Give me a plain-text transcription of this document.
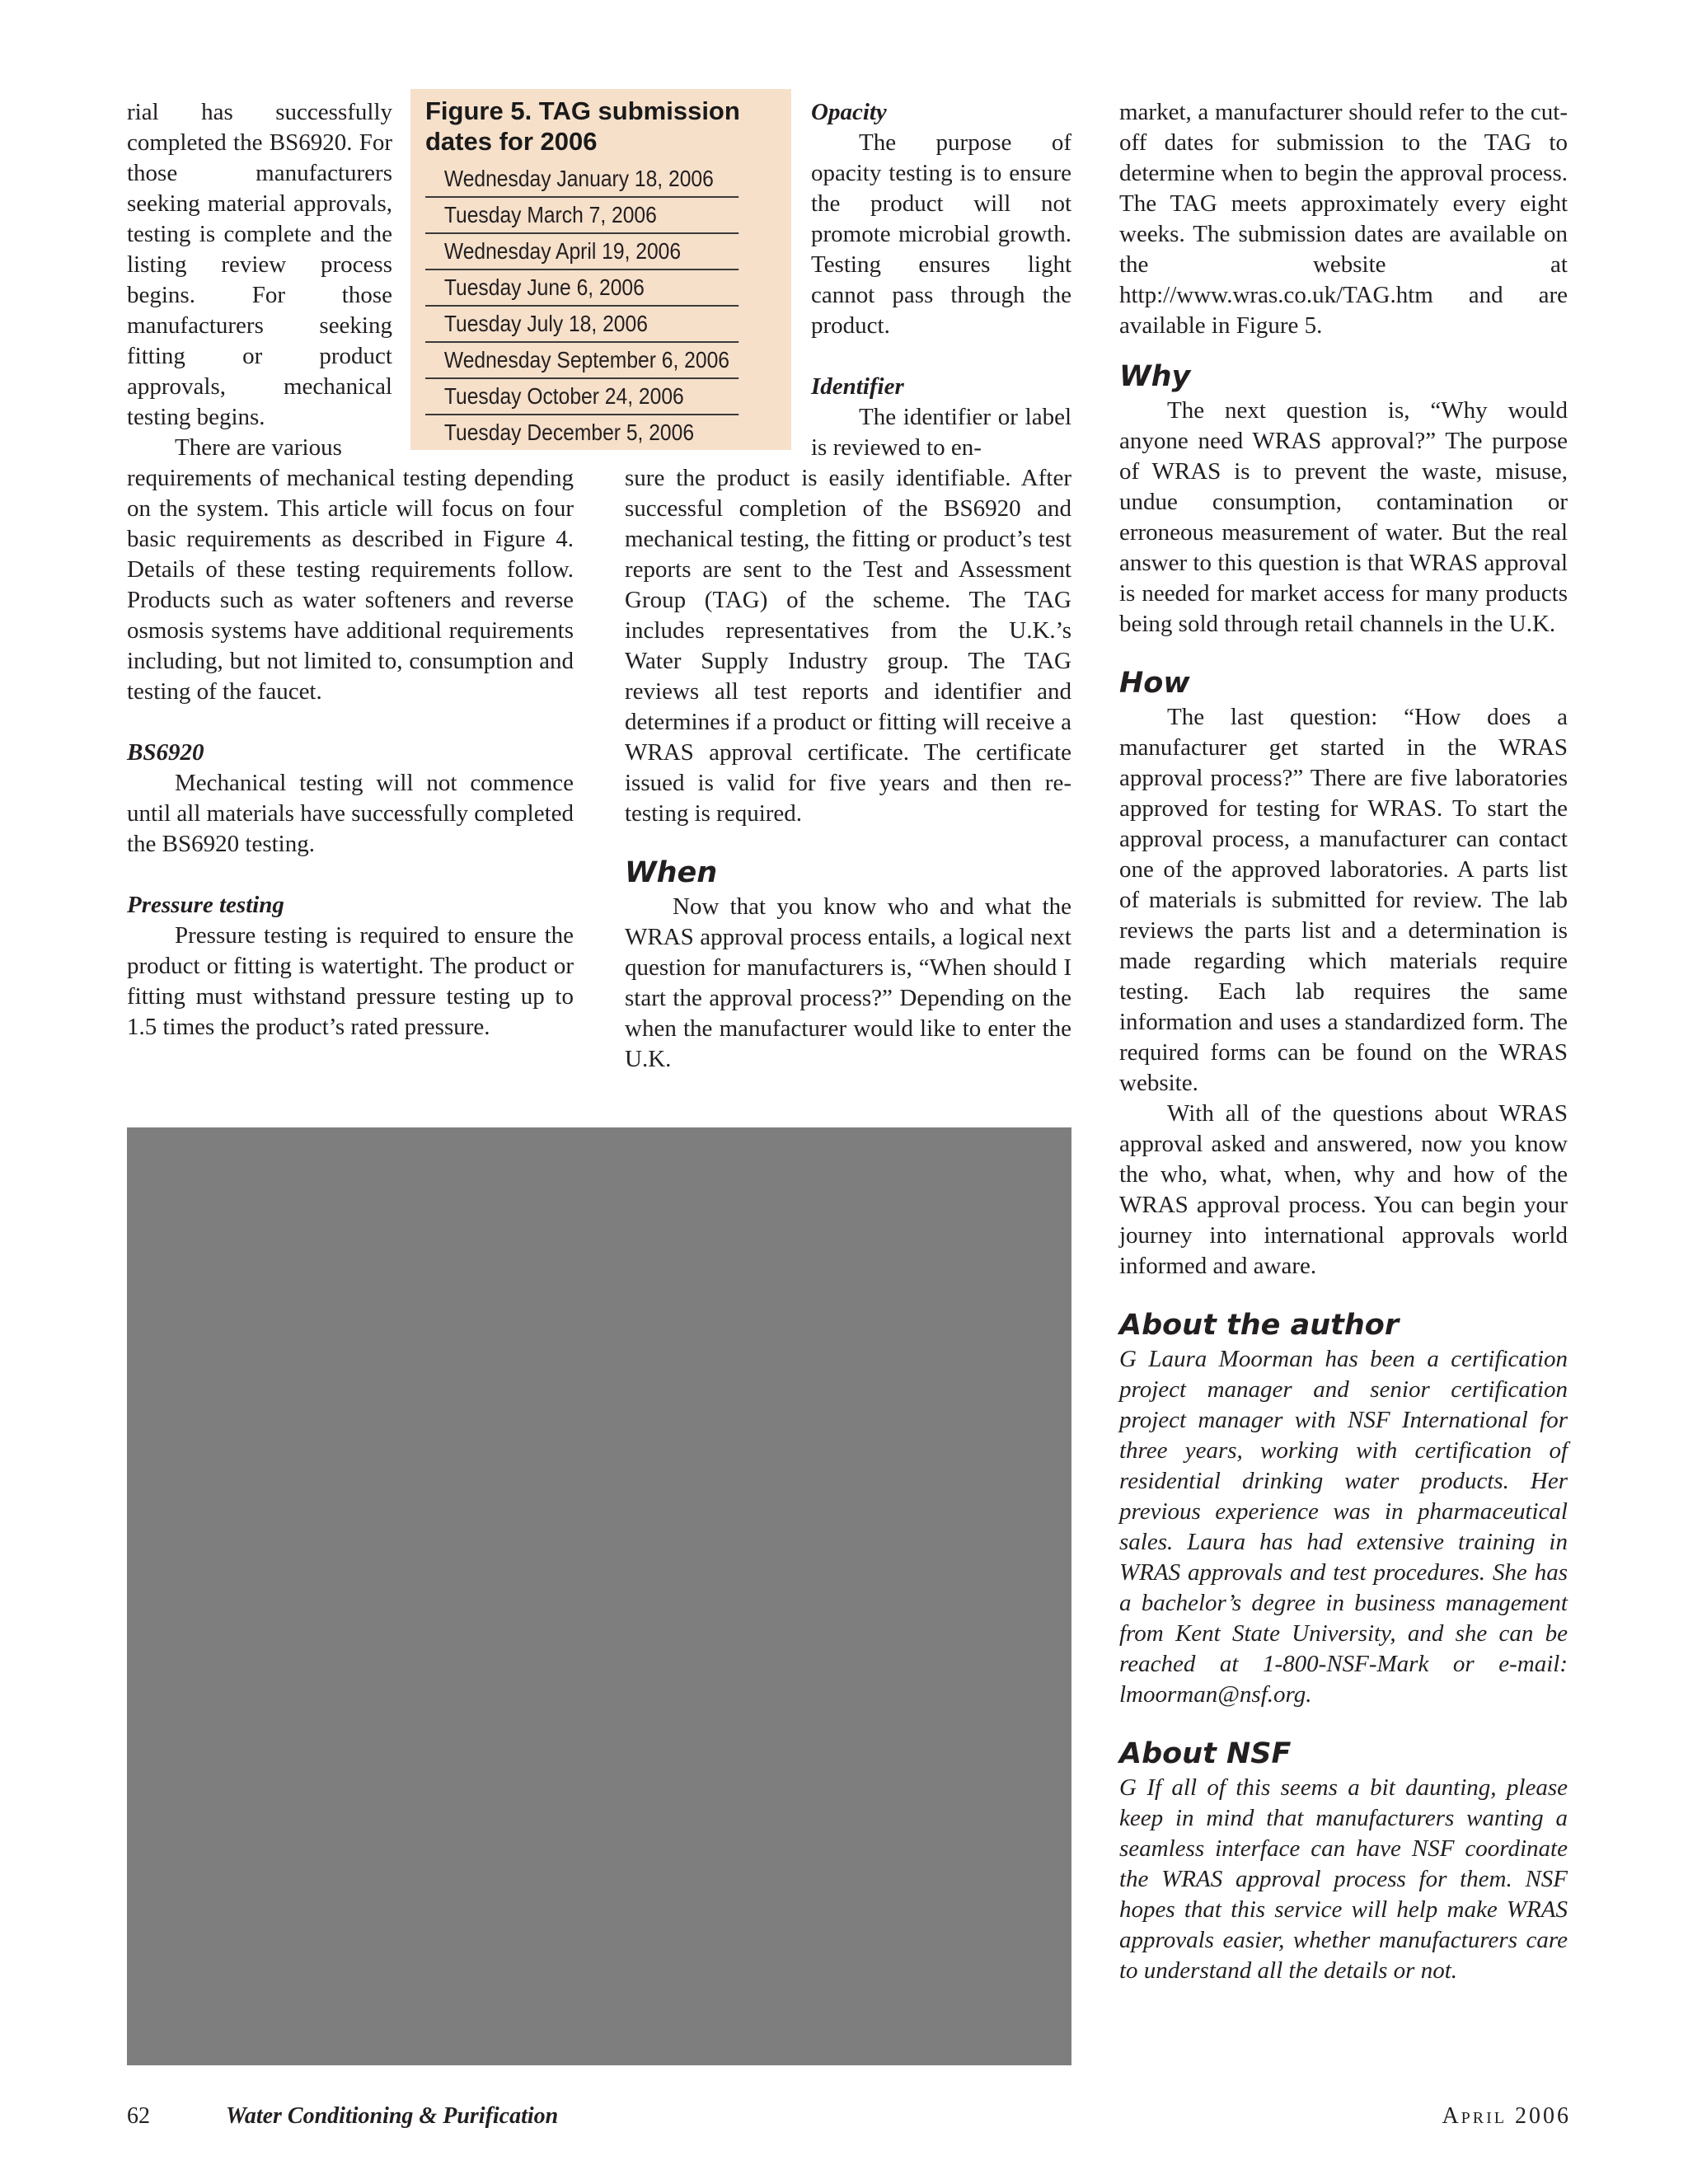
rial has successfully completed the BS6920. For those manufacturers seeking material approvals, testing is complete and the listing review process begins. For those manufacturers seeking fitting or product approvals, mechanical testing begins.

There are various

Figure 5. TAG submission dates for 2006
Wednesday January 18, 2006
Tuesday March 7, 2006
Wednesday April 19, 2006
Tuesday June 6, 2006
Tuesday July 18, 2006
Wednesday September 6, 2006
Tuesday October 24, 2006
Tuesday December 5, 2006

requirements of mechanical testing depending on the system. This article will focus on four basic requirements as described in Figure 4. Details of these testing requirements follow. Products such as water softeners and reverse osmosis systems have additional requirements including, but not limited to, consumption and testing of the faucet.

BS6920

Mechanical testing will not commence until all materials have successfully completed the BS6920 testing.

Pressure testing

Pressure testing is required to ensure the product or fitting is watertight. The product or fitting must withstand pressure testing up to 1.5 times the product’s rated pressure.

Opacity

The purpose of opacity testing is to ensure the product will not promote microbial growth. Testing ensures light cannot pass through the product.

Identifier

The identifier or label is reviewed to en-

sure the product is easily identifiable. After successful completion of the BS6920 and mechanical testing, the fitting or product’s test reports are sent to the Test and Assessment Group (TAG) of the scheme. The TAG includes representatives from the U.K.’s Water Supply Industry group. The TAG reviews all test reports and identifier and determines if a product or fitting will receive a WRAS approval certificate. The certificate issued is valid for five years and then re-testing is required.

When

Now that you know who and what the WRAS approval process entails, a logical next question for manufacturers is, “When should I start the approval process?” Depending on the when the manufacturer would like to enter the U.K.

market, a manufacturer should refer to the cut-off dates for submission to the TAG to determine when to begin the approval process. The TAG meets approximately every eight weeks. The submission dates are available on the website at http://www.wras.co.uk/TAG.htm and are available in Figure 5.

Why

The next question is, “Why would anyone need WRAS approval?” The purpose of WRAS is to prevent the waste, misuse, undue consumption, contamination or erroneous measurement of water. But the real answer to this question is that WRAS approval is needed for market access for many products being sold through retail channels in the U.K.

How

The last question: “How does a manufacturer get started in the WRAS approval process?” There are five laboratories approved for testing for WRAS. To start the approval process, a manufacturer can contact one of the approved laboratories. A parts list of materials is submitted for review. The lab reviews the parts list and a determination is made regarding which materials require testing. Each lab requires the same information and uses a standardized form. The required forms can be found on the WRAS website.

With all of the questions about WRAS approval asked and answered, now you know the who, what, when, why and how of the WRAS approval process. You can begin your journey into international approvals world informed and aware.

About the author

G Laura Moorman has been a certification project manager and senior certification project manager with NSF International for three years, working with certification of residential drinking water products. Her previous experience was in pharmaceutical sales. Laura has had extensive training in WRAS approvals and test procedures. She has a bachelor’s degree in business management from Kent State University, and she can be reached at 1-800-NSF-Mark or e-mail: lmoorman@nsf.org.

About NSF

G If all of this seems a bit daunting, please keep in mind that manufacturers wanting a seamless interface can have NSF coordinate the WRAS approval process for them. NSF hopes that this service will help make WRAS approvals easier, whether manufacturers care to understand all the details or not.

62	Water Conditioning & Purification	April 2006
